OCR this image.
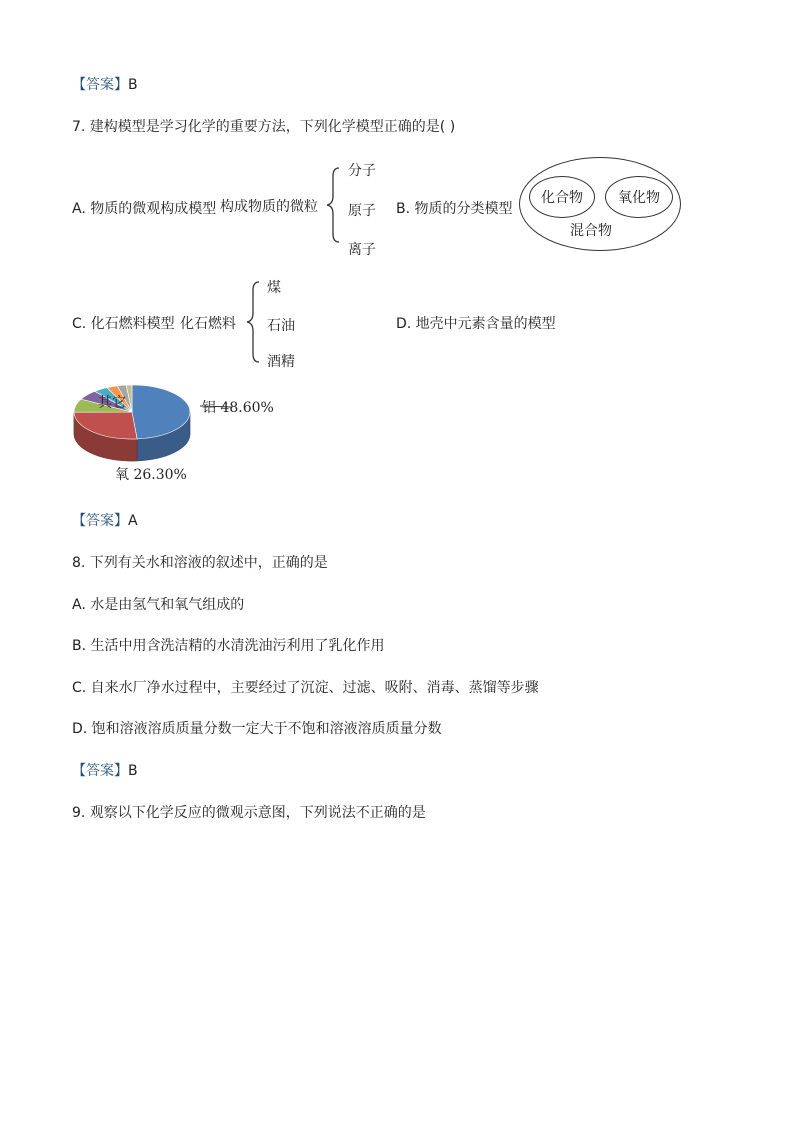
【答案】B
7. 建构模型是学习化学的重要方法，下列化学模型正确的是( )
A. 物质的微观构成模型 构成物质的微粒
分子
原子
离子
B. 物质的分类模型
化合物	氧化物
混合物
C. 化石燃料模型 化石燃料
煤
石油
酒精
D. 地壳中元素含量的模型
铝 48.60%
氧 26.30%
其它
【答案】A
8. 下列有关水和溶液的叙述中，正确的是
A. 水是由氢气和氧气组成的
B. 生活中用含洗洁精的水清洗油污利用了乳化作用
C. 自来水厂净水过程中，主要经过了沉淀、过滤、吸附、消毒、蒸馏等步骤
D. 饱和溶液溶质质量分数一定大于不饱和溶液溶质质量分数
【答案】B
9. 观察以下化学反应的微观示意图，下列说法不正确的是
